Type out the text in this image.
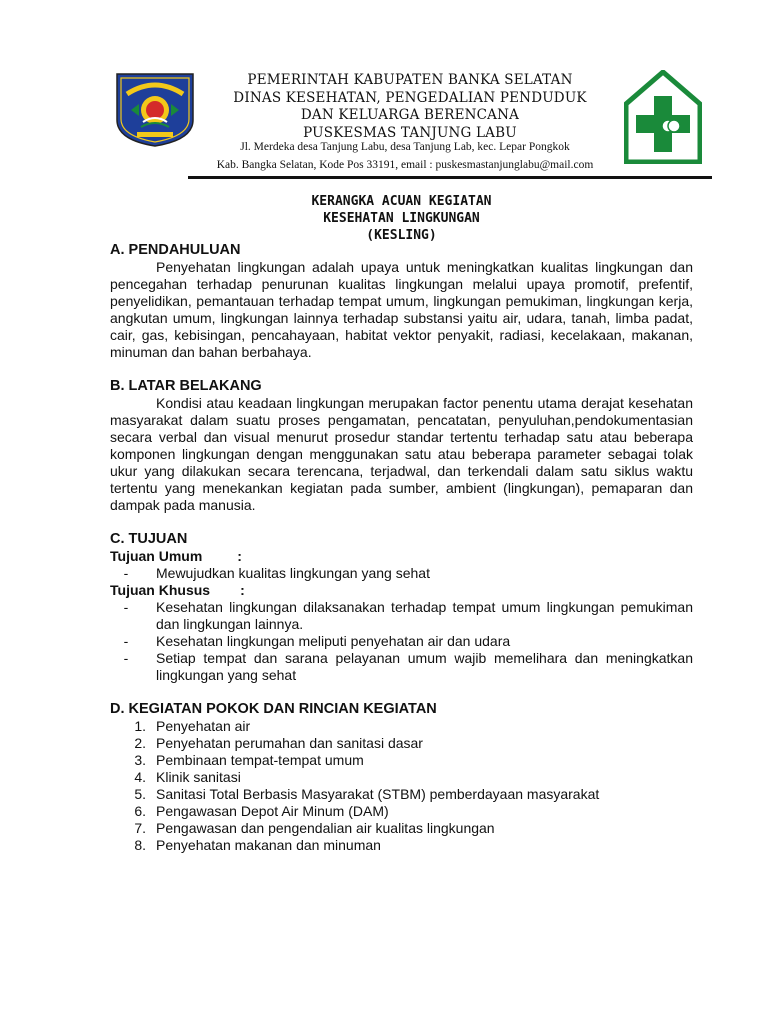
PEMERINTAH KABUPATEN BANKA SELATAN
DINAS KESEHATAN, PENGEDALIAN PENDUDUK
DAN KELUARGA BERENCANA
PUSKESMAS TANJUNG LABU
Jl. Merdeka desa Tanjung Labu, desa Tanjung Lab, kec. Lepar Pongkok
Kab. Bangka Selatan, Kode Pos 33191, email : puskesmastanjunglabu@mail.com
KERANGKA ACUAN KEGIATAN
KESEHATAN LINGKUNGAN
(KESLING)
A. PENDAHULUAN

Penyehatan lingkungan adalah upaya untuk meningkatkan kualitas lingkungan dan pencegahan terhadap penurunan kualitas lingkungan melalui upaya promotif, prefentif, penyelidikan, pemantauan terhadap tempat umum, lingkungan pemukiman, lingkungan kerja, angkutan umum, lingkungan lainnya terhadap substansi yaitu air, udara, tanah, limba padat, cair, gas, kebisingan, pencahayaan, habitat vektor penyakit, radiasi, kecelakaan, makanan, minuman dan bahan berbahaya.

B. LATAR BELAKANG

Kondisi atau keadaan lingkungan merupakan factor penentu utama derajat kesehatan masyarakat dalam suatu proses pengamatan, pencatatan, penyuluhan,pendokumentasian secara verbal dan visual menurut prosedur standar tertentu terhadap satu atau beberapa komponen lingkungan dengan menggunakan satu atau beberapa parameter sebagai tolak ukur yang dilakukan secara terencana, terjadwal, dan terkendali dalam satu siklus waktu tertentu yang menekankan kegiatan pada sumber, ambient (lingkungan), pemaparan dan dampak pada manusia.

C. TUJUAN
Tujuan Umum	:
-	Mewujudkan kualitas lingkungan yang sehat
Tujuan Khusus :
-	Kesehatan lingkungan dilaksanakan terhadap tempat umum lingkungan pemukiman dan lingkungan lainnya.
-	Kesehatan lingkungan meliputi penyehatan air dan udara
-	Setiap tempat dan sarana pelayanan umum wajib memelihara dan meningkatkan lingkungan yang sehat
D. KEGIATAN POKOK DAN RINCIAN KEGIATAN
1. Penyehatan air
2. Penyehatan perumahan dan sanitasi dasar
3. Pembinaan tempat-tempat umum
4. Klinik sanitasi
5. Sanitasi Total Berbasis Masyarakat (STBM) pemberdayaan masyarakat
6. Pengawasan Depot Air Minum (DAM)
7. Pengawasan dan pengendalian air kualitas lingkungan
8. Penyehatan makanan dan minuman
